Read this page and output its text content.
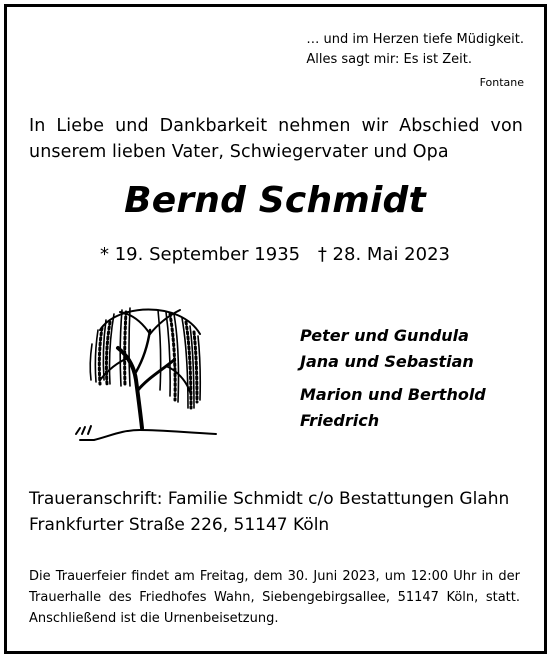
… und im Herzen tiefe Müdigkeit.
Alles sagt mir: Es ist Zeit.
Fontane
In Liebe und Dankbarkeit nehmen wir Abschied von unserem lieben Vater, Schwiegervater und Opa
Bernd Schmidt
* 19. September 1935 † 28. Mai 2023
Peter und Gundula
Jana und Sebastian
Marion und Berthold
Friedrich
Traueranschrift: Familie Schmidt c/o Bestattungen Glahn
Frankfurter Straße 226, 51147 Köln
Die Trauerfeier findet am Freitag, dem 30. Juni 2023, um 12:00 Uhr in der Trauerhalle des Friedhofes Wahn, Siebengebirgsallee, 51147 Köln, statt. Anschließend ist die Urnenbeisetzung.
